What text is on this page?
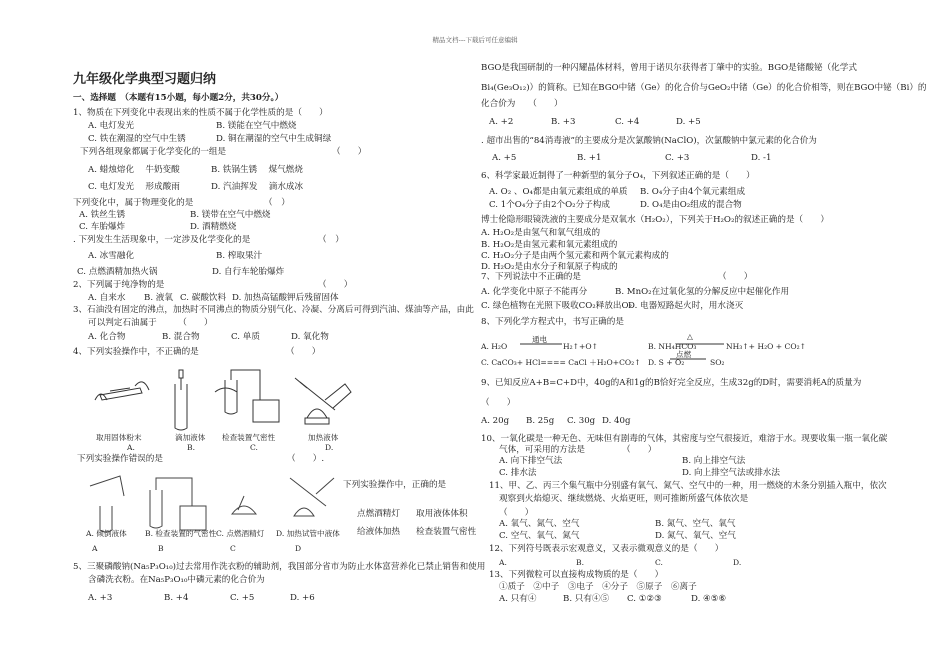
精品文档---下载后可任意编辑
九年级化学典型习题归纳
一、选择题　（本题有15小题，每小题2分，共30分。）
1、物质在下列变化中表现出来的性质不属于化学性质的是（　　）
A. 电灯发光	B. 镁能在空气中燃烧
C. 铁在潮湿的空气中生锈	D. 铜在潮湿的空气中生成铜绿
下列各组现象都属于化学变化的一组是	（　　）
A. 蜡烛熔化　 牛奶变酸	B. 铁锅生锈　 煤气燃烧
C. 电灯发光　 形成酸雨	D. 汽油挥发　 滴水成冰
下列变化中，属于物理变化的是	（　）
A. 铁丝生锈	B. 镁带在空气中燃烧
C. 车胎爆炸	D. 酒精燃烧
. 下列发生生活现象中，一定涉及化学变化的是	（　）
A. 冰雪融化	B. 榨取果汁
C. 点燃酒精加热火锅	D. 自行车轮胎爆炸
2、下列属于纯净物的是	（　　）
A. 自来水 B. 液氧 C. 碳酸饮料 D. 加热高锰酸钾后残留固体
3、石油没有固定的沸点，加热时不同沸点的物质分别气化、冷凝、分离后可得到汽油、煤油等产品，由此
可以判定石油属于　　　（　　）
A. 化合物	B. 混合物	C. 单质	D. 氧化物
4、下列实验操作中，不正确的是	（　　）
取用固体粉末	滴加液体 检查装置气密性	加热液体
A.	B.	C.	D.
下列实验操作错误的是	（　　）.
A. 倾倒液体 B. 检查装置的气密性 C. 点燃酒精灯 D. 加热试管中液体
A	B	C	D
下列实验操作中，正确的是
点燃酒精灯 取用液体体积
给液体加热 检查装置气密性
5、三聚磷酸钠(Na₅P₃O₁₀)过去常用作洗衣粉的辅助剂，我国部分省市为防止水体富营养化已禁止销售和使用
含磷洗衣粉。在Na₅P₃O₁₀中磷元素的化合价为
A. +3	B. +4	C. +5	D. +6
BGO是我国研制的一种闪耀晶体材料，曾用于诺贝尔获得者丁肇中的实验。BGO是锗酸铋（化学式
Bi₄(Ge₃O₁₂)）的简称。已知在BGO中锗（Ge）的化合价与GeO₂中锗（Ge）的化合价相等，则在BGO中铋（Bi）的
化合价为　　（　　）
A. +2	B. +3	C. +4	D. +5
. 超市出售的“84消毒液”的主要成分是次氯酸钠(NaClO)，次氯酸钠中氯元素的化合价为
A. +5	B. +1	C. +3	D. -1
6、科学家最近制得了一种新型的氧分子O₄，下列叙述正确的是（　　）
A. O₂ 、O₄都是由氧元素组成的单质 B. O₄分子由4个氧元素组成
C. 1个O₄分子由2个O₂分子构成	D. O₄是由O₂组成的混合物
博士伦隐形眼镜洗液的主要成分是双氧水（H₂O₂），下列关于H₂O₂的叙述正确的是（　　）
A. H₂O₂是由氢气和氧气组成的
B. H₂O₂是由氢元素和氧元素组成的
C. H₂O₂分子是由两个氢元素和两个氧元素构成的
D. H₂O₂是由水分子和氧原子构成的
7、下列说法中不正确的是	（　　）
A. 化学变化中原子不能再分	B. MnO₂在过氧化氢的分解反应中起催化作用
C. 绿色植物在光照下吸收CO₂释放出O₂
D. 电器短路起火时，用水浇灭
8、下列化学方程式中，书写正确的是
A. H₂O
通电
H₂↑+O↑	B. NH₄HCO₃
△
NH₃↑+ H₂O + CO₂↑
C. CaCO₃+ HCl==== CaCl ＋H₂O+CO₂↑ D. S + O₂
点燃
SO₂
9、已知反应A+B=C+D中，40g的A和1g的B恰好完全反应，生成32g的D时，需要消耗A的质量为
（　　）
A. 20g B. 25g C. 30g D. 40g
10、一氧化碳是一种无色、无味但有剧毒的气体，其密度与空气很接近，难溶于水。现要收集一瓶一氧化碳
气体，可采用的方法是	（　　）
A. 向下排空气法	B. 向上排空气法
C. 排水法	D. 向上排空气法或排水法
11、甲、乙、丙三个集气瓶中分别盛有氧气、氮气、空气中的一种，用一燃烧的木条分别插入瓶中，依次
观察到火焰熄灭、继续燃烧、火焰更旺，则可推断所盛气体依次是
（　　）
A. 氧气、氮气、空气	B. 氮气、空气、氧气
C. 空气、氧气、氮气	D. 氮气、氧气、空气
12、下列符号既表示宏观意义，又表示微观意义的是（　　）
A.	B.	C.	D.
13、下列微粒可以直接构成物质的是（　　）
①质子　②中子　③电子　④分子　⑤原子　⑥离子
A. 只有④	B. 只有④⑤ C. ①②③	D. ④⑤⑥
